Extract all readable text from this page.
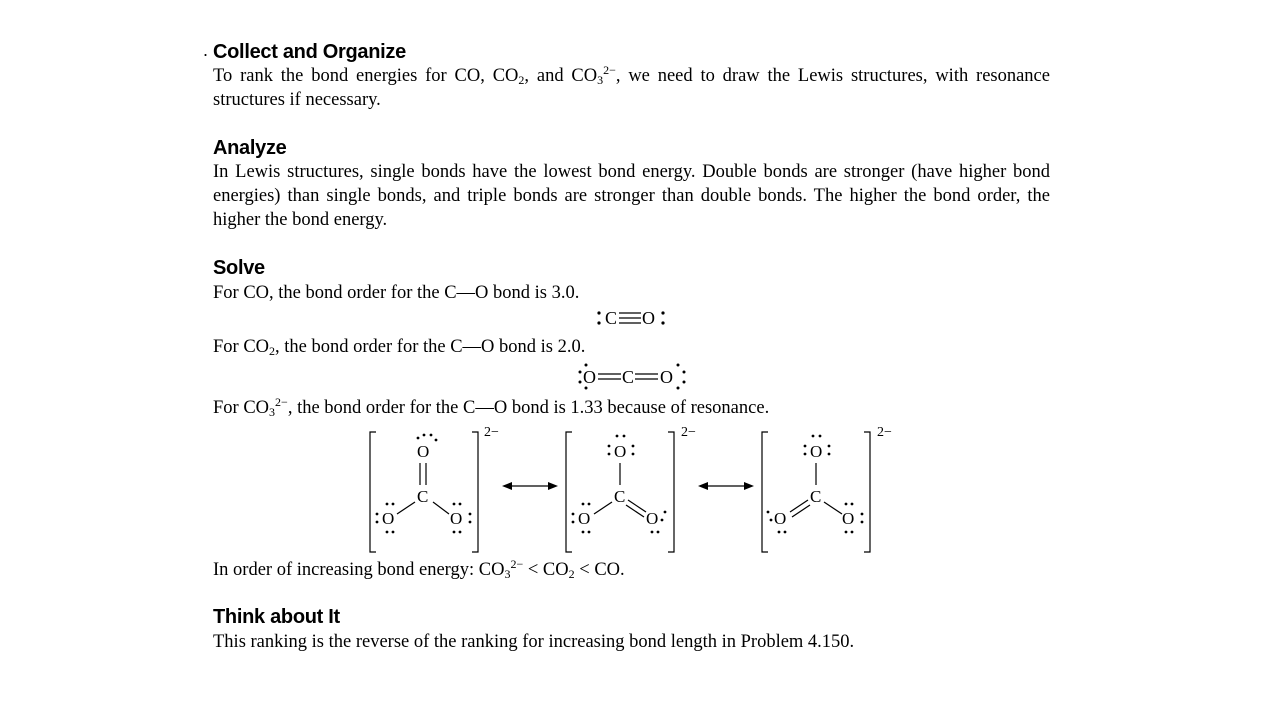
. Collect and Organize
To rank the bond energies for CO, $CO_2$, and $CO_3^{2-}$, we need to draw the Lewis structures, with resonance structures if necessary.
Analyze
In Lewis structures, single bonds have the lowest bond energy. Double bonds are stronger (have higher bond energies) than single bonds, and triple bonds are stronger than double bonds. The higher the bond order, the higher the bond energy.
Solve
For CO, the bond order for the C—O bond is 3.0.
C O
For $CO_2$, the bond order for the C—O bond is 2.0.
O C O
For $CO_3^{2-}$, the bond order for the C—O bond is 1.33 because of resonance.
2−
O
C
O	O
2−
O
C
O	O
2−
O
C
O	O
In order of increasing bond energy: $CO_3^{2-} < CO_2$ < CO.
Think about It
This ranking is the reverse of the ranking for increasing bond length in Problem 4.150.
